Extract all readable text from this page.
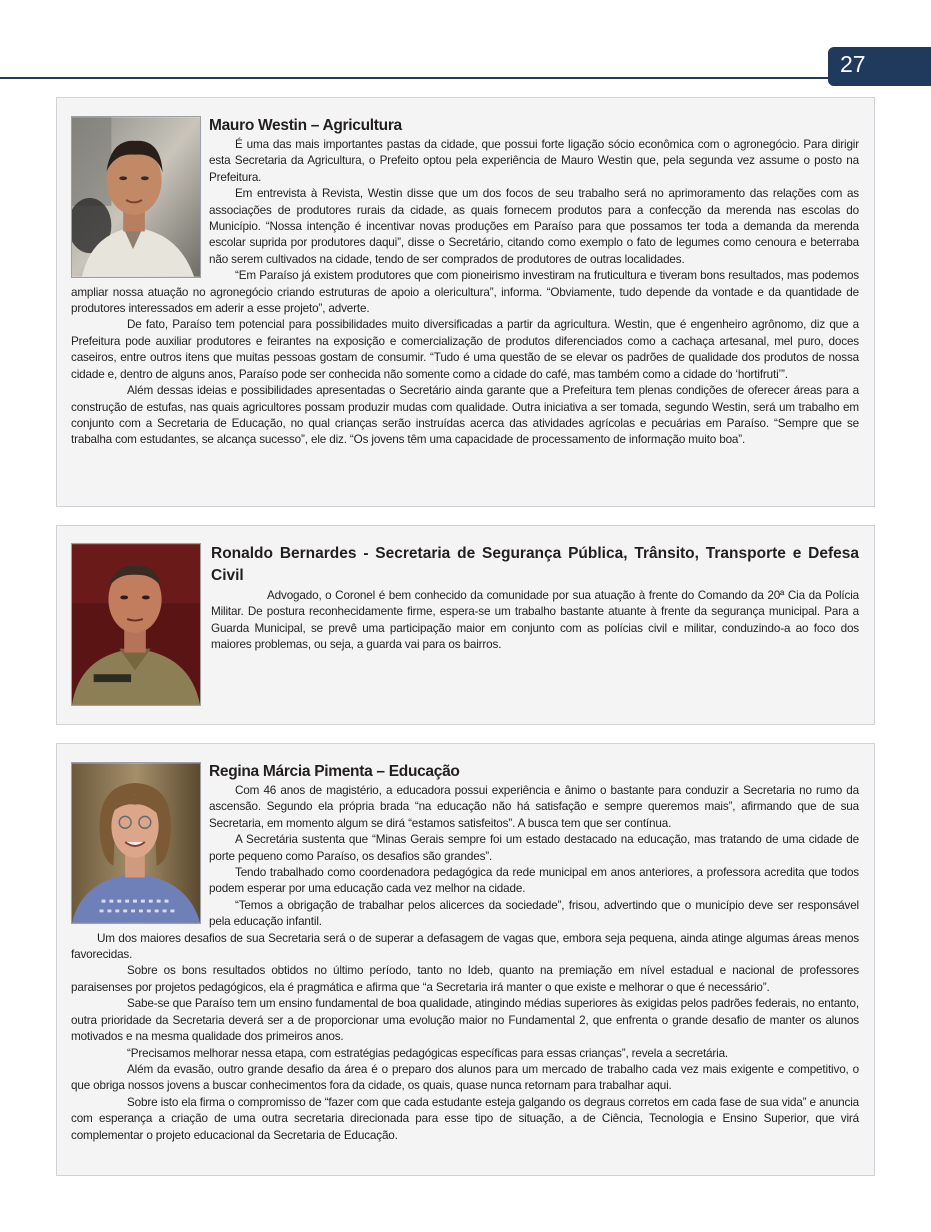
27
Mauro Westin – Agricultura

É uma das mais importantes pastas da cidade, que possui forte ligação sócio econômica com o agronegócio. Para dirigir esta Secretaria da Agricultura, o Prefeito optou pela experiência de Mauro Westin que, pela segunda vez assume o posto na Prefeitura.

Em entrevista à Revista, Westin disse que um dos focos de seu trabalho será no aprimoramento das relações com as associações de produtores rurais da cidade, as quais fornecem produtos para a confecção da merenda nas escolas do Município. “Nossa intenção é incentivar novas produções em Paraíso para que possamos ter toda a demanda da merenda escolar suprida por produtores daqui”, disse o Secretário, citando como exemplo o fato de legumes como cenoura e beterraba não serem cultivados na cidade, tendo de ser comprados de produtores de outras localidades.

“Em Paraíso já existem produtores que com pioneirismo investiram na fruticultura e tiveram bons resultados, mas podemos ampliar nossa atuação no agronegócio criando estruturas de apoio a olericultura”, informa. “Obviamente, tudo depende da vontade e da quantidade de produtores interessados em aderir a esse projeto”, adverte.

De fato, Paraíso tem potencial para possibilidades muito diversificadas a partir da agricultura. Westin, que é engenheiro agrônomo, diz que a Prefeitura pode auxiliar produtores e feirantes na exposição e comercialização de produtos diferenciados como a cachaça artesanal, mel puro, doces caseiros, entre outros itens que muitas pessoas gostam de consumir. “Tudo é uma questão de se elevar os padrões de qualidade dos produtos de nossa cidade e, dentro de alguns anos, Paraíso pode ser conhecida não somente como a cidade do café, mas também como a cidade do ‘hortifruti’”.

Além dessas ideias e possibilidades apresentadas o Secretário ainda garante que a Prefeitura tem plenas condições de oferecer áreas para a construção de estufas, nas quais agricultores possam produzir mudas com qualidade. Outra iniciativa a ser tomada, segundo Westin, será um trabalho em conjunto com a Secretaria de Educação, no qual crianças serão instruídas acerca das atividades agrícolas e pecuárias em Paraíso. “Sempre que se trabalha com estudantes, se alcança sucesso”, ele diz. “Os jovens têm uma capacidade de processamento de informação muito boa”.

Ronaldo Bernardes - Secretaria de Segurança Pública, Trânsito, Transporte e Defesa Civil

Advogado, o Coronel é bem conhecido da comunidade por sua atuação à frente do Comando da 20ª Cia da Polícia Militar. De postura reconhecidamente firme, espera-se um trabalho bastante atuante à frente da segurança municipal. Para a Guarda Municipal, se prevê uma participação maior em conjunto com as polícias civil e militar, conduzindo-a ao foco dos maiores problemas, ou seja, a guarda vai para os bairros.

Regina Márcia Pimenta – Educação

Com 46 anos de magistério, a educadora possui experiência e ânimo o bastante para conduzir a Secretaria no rumo da ascensão. Segundo ela própria brada “na educação não há satisfação e sempre queremos mais”, afirmando que de sua Secretaria, em momento algum se dirá “estamos satisfeitos”. A busca tem que ser contínua.

A Secretária sustenta que “Minas Gerais sempre foi um estado destacado na educação, mas tratando de uma cidade de porte pequeno como Paraíso, os desafios são grandes”.

Tendo trabalhado como coordenadora pedagógica da rede municipal em anos anteriores, a professora acredita que todos podem esperar por uma educação cada vez melhor na cidade.

“Temos a obrigação de trabalhar pelos alicerces da sociedade”, frisou, advertindo que o município deve ser responsável pela educação infantil.

Um dos maiores desafios de sua Secretaria será o de superar a defasagem de vagas que, embora seja pequena, ainda atinge algumas áreas menos favorecidas.

Sobre os bons resultados obtidos no último período, tanto no Ideb, quanto na premiação em nível estadual e nacional de professores paraisenses por projetos pedagógicos, ela é pragmática e afirma que “a Secretaria irá manter o que existe e melhorar o que é necessário”.

Sabe-se que Paraíso tem um ensino fundamental de boa qualidade, atingindo médias superiores às exigidas pelos padrões federais, no entanto, outra prioridade da Secretaria deverá ser a de proporcionar uma evolução maior no Fundamental 2, que enfrenta o grande desafio de manter os alunos motivados e na mesma qualidade dos primeiros anos.

“Precisamos melhorar nessa etapa, com estratégias pedagógicas específicas para essas crianças”, revela a secretária.

Além da evasão, outro grande desafio da área é o preparo dos alunos para um mercado de trabalho cada vez mais exigente e competitivo, o que obriga nossos jovens a buscar conhecimentos fora da cidade, os quais, quase nunca retornam para trabalhar aqui.

Sobre isto ela firma o compromisso de “fazer com que cada estudante esteja galgando os degraus corretos em cada fase de sua vida” e anuncia com esperança a criação de uma outra secretaria direcionada para esse tipo de situação, a de Ciência, Tecnologia e Ensino Superior, que virá complementar o projeto educacional da Secretaria de Educação.
